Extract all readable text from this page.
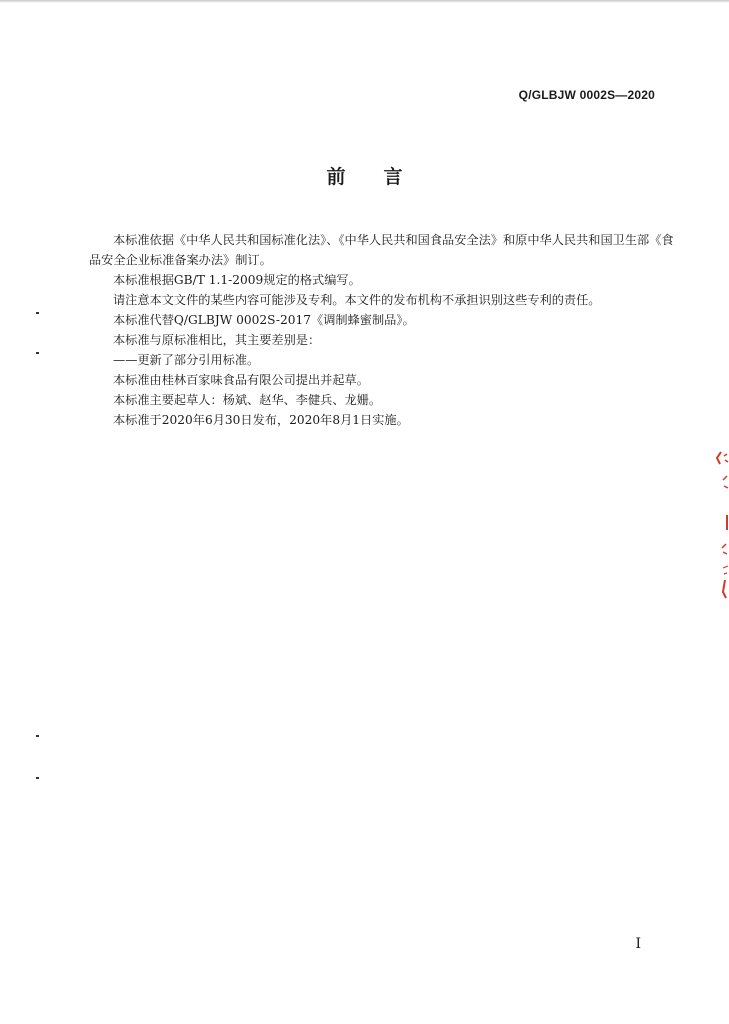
Q/GLBJW 0002S—2020
前言

本标准依据《中华人民共和国标准化法》、《中华人民共和国食品安全法》和原中华人民共和国卫生部《食品安全企业标准备案办法》制订。

本标准根据GB/T 1.1-2009规定的格式编写。

请注意本文文件的某些内容可能涉及专利。本文件的发布机构不承担识别这些专利的责任。

本标准代替Q/GLBJW 0002S-2017《调制蜂蜜制品》。

本标准与原标准相比，其主要差别是：

——更新了部分引用标准。

本标准由桂林百家味食品有限公司提出并起草。

本标准主要起草人：杨斌、赵华、李健兵、龙姗。

本标准于2020年6月30日发布，2020年8月1日实施。

I
